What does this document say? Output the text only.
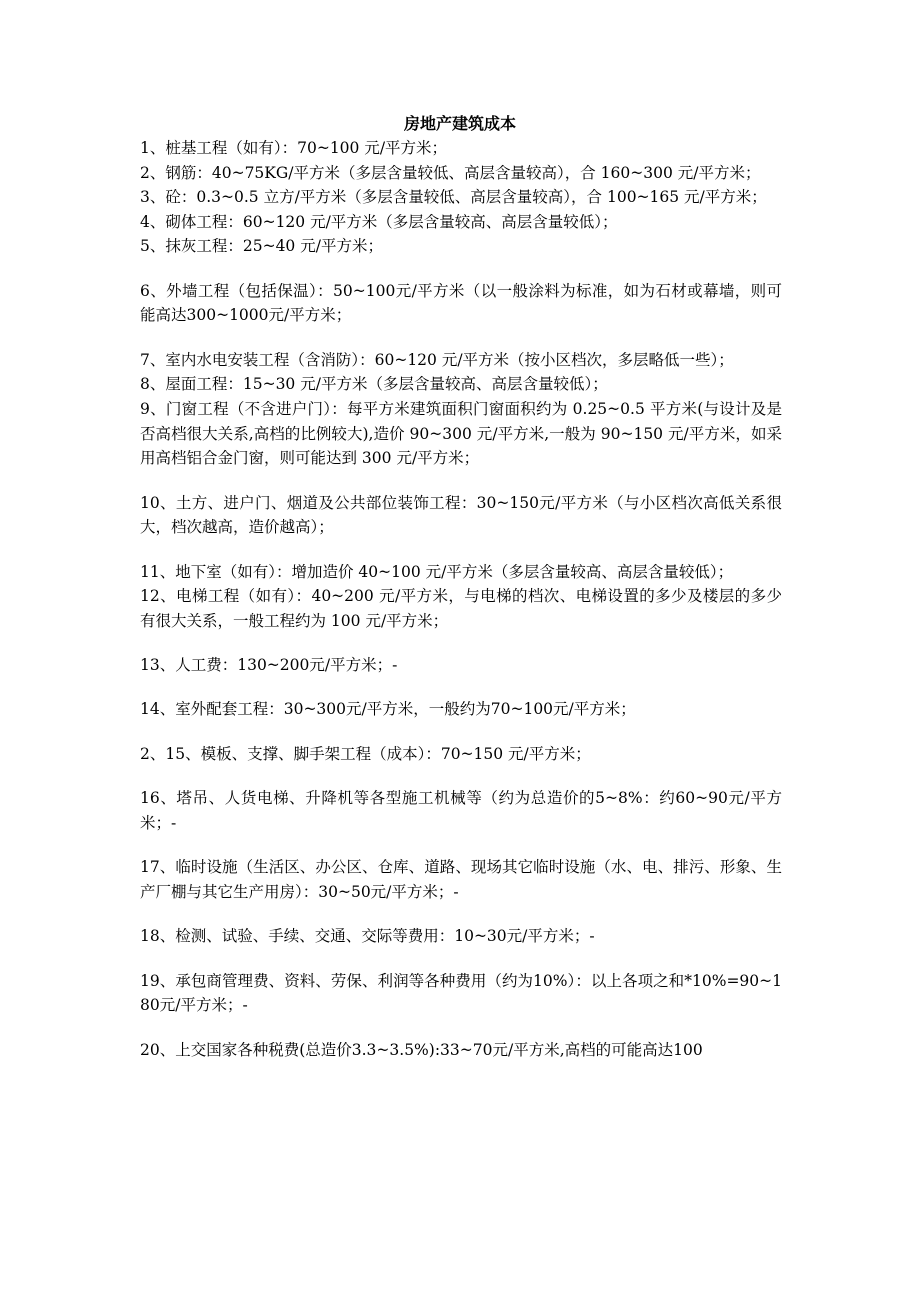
房地产建筑成本

1、桩基工程（如有）：70~100 元/平方米；

2、钢筋：40~75KG/平方米（多层含量较低、高层含量较高），合 160~300 元/平方米；

3、砼：0.3~0.5 立方/平方米（多层含量较低、高层含量较高），合 100~165 元/平方米；

4、砌体工程：60~120 元/平方米（多层含量较高、高层含量较低）；

5、抹灰工程：25~40 元/平方米；

6、外墙工程（包括保温）：50~100元/平方米（以一般涂料为标准，如为石材或幕墙，则可能高达300~1000元/平方米；

7、室内水电安装工程（含消防）：60~120 元/平方米（按小区档次，多层略低一些）；

8、屋面工程：15~30 元/平方米（多层含量较高、高层含量较低）；

9、门窗工程（不含进户门）：每平方米建筑面积门窗面积约为 0.25~0.5 平方米(与设计及是否高档很大关系,高档的比例较大),造价 90~300 元/平方米,一般为 90~150 元/平方米，如采用高档铝合金门窗，则可能达到 300 元/平方米；

10、土方、进户门、烟道及公共部位装饰工程：30~150元/平方米（与小区档次高低关系很大，档次越高，造价越高）；

11、地下室（如有）：增加造价 40~100 元/平方米（多层含量较高、高层含量较低）；

12、电梯工程（如有）：40~200 元/平方米，与电梯的档次、电梯设置的多少及楼层的多少有很大关系，一般工程约为 100 元/平方米；

13、人工费：130~200元/平方米；-

14、室外配套工程：30~300元/平方米，一般约为70~100元/平方米；

2、15、模板、支撑、脚手架工程（成本）：70~150 元/平方米；

16、塔吊、人货电梯、升降机等各型施工机械等（约为总造价的5~8%：约60~90元/平方米；-

17、临时设施（生活区、办公区、仓库、道路、现场其它临时设施（水、电、排污、形象、生产厂棚与其它生产用房）：30~50元/平方米；-

18、检测、试验、手续、交通、交际等费用：10~30元/平方米；-

19、承包商管理费、资料、劳保、利润等各种费用（约为10%）：以上各项之和*10%=90~180元/平方米；-

20、上交国家各种税费(总造价3.3~3.5%):33~70元/平方米,高档的可能高达100
